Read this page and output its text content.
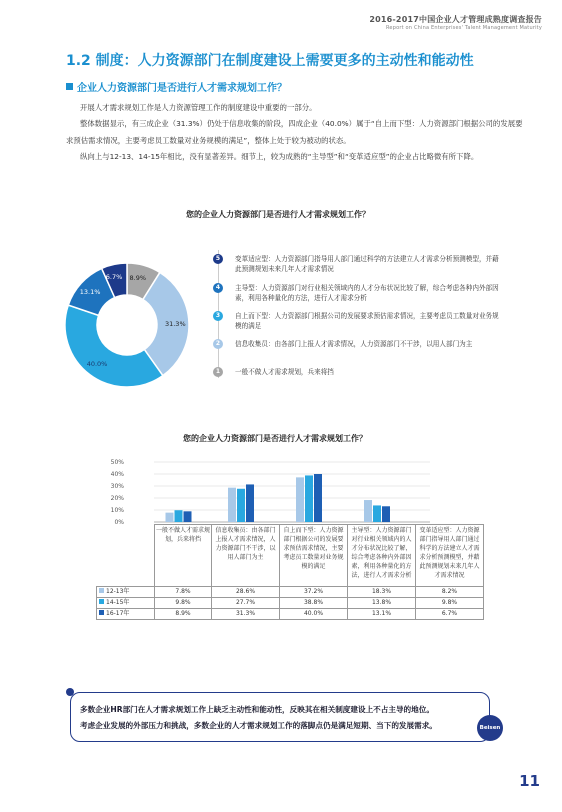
2016-2017中国企业人才管理成熟度调查报告
Report on China Enterprises' Talent Management Maturity
1.2 制度：人力资源部门在制度建设上需要更多的主动性和能动性
企业人力资源部门是否进行人才需求规划工作？
开展人才需求规划工作是人力资源管理工作的制度建设中重要的一部分。
整体数据显示，有三成企业（31.3%）仍处于信息收集的阶段，四成企业（40.0%）属于“自上而下型：人力资源部门根据公司的发展要求预估需求情况，主要考虑员工数量对业务规模的满足”，整体上处于较为被动的状态。
纵向上与12-13、14-15年相比，没有显著差异。细节上，较为成熟的“主导型”和“变革适应型”的企业占比略微有所下降。
您的企业人力资源部门是否进行人才需求规划工作？
8.9%
31.3%
40.0%
13.1%
6.7%
5	变革适应型：人力资源部门指导用人部门通过科学的方法建立人才需求分析预测模型，并藉此预测规划未来几年人才需求情况
4	主导型：人力资源部门对行业相关领域内的人才分布状况比较了解，综合考虑各种内外部因素，利用各种量化的方法，进行人才需求分析
3	自上而下型：人力资源部门根据公司的发展要求预估需求情况，主要考虑员工数量对业务规模的满足
2	信息收集员：由各部门上报人才需求情况，人力资源部门不干涉，以用人部门为主
1	一般不做人才需求规划，兵来将挡
您的企业人力资源部门是否进行人才需求规划工作？
50%
40%
30%
20%
10%
0%
	一般不做人才需求规划，兵来将挡	信息收集员：由各部门上报人才需求情况，人力资源部门不干涉，以用人部门为主	自上而下型：人力资源部门根据公司的发展要求预估需求情况，主要考虑员工数量对业务规模的满足	主导型：人力资源部门对行业相关领域内的人才分布状况比较了解，综合考虑各种内外部因素，利用各种量化的方法，进行人才需求分析	变革适应型：人力资源部门指导用人部门通过科学的方法建立人才需求分析预测模型，并藉此预测规划未来几年人才需求情况
12-13年	7.8%	28.6%	37.2%	18.3%	8.2%
14-15年	9.8%	27.7%	38.8%	13.8%	9.8%
16-17年	8.9%	31.3%	40.0%	13.1%	6.7%
多数企业HR部门在人才需求规划工作上缺乏主动性和能动性，反映其在相关制度建设上不占主导的地位。
考虑企业发展的外部压力和挑战，多数企业的人才需求规划工作的落脚点仍是满足短期、当下的发展需求。	Beisen
11
